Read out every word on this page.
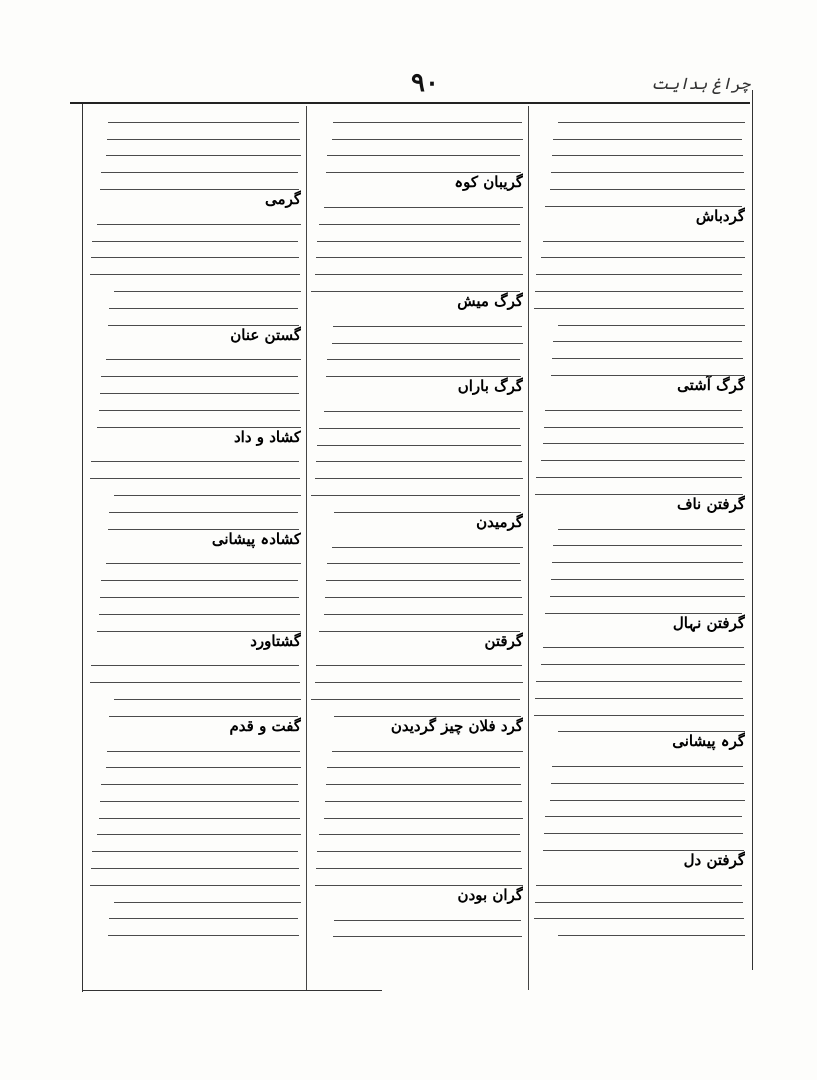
چراغ ہدایت
۹۰
گردباش
گرگ آشتی
گرفتن ناف
گرفتن نہال
گرہ پیشانی
گرفتن دل
گریبان کوہ
گرگ میش
گرگ باراں
گرمیدن
گرقتن
گرد فلان چیز گردیدن
گران بودن
گرمی
گستن عنان
کشاد و داد
کشادہ پیشانی
گشتاورد
گفت و قدم
